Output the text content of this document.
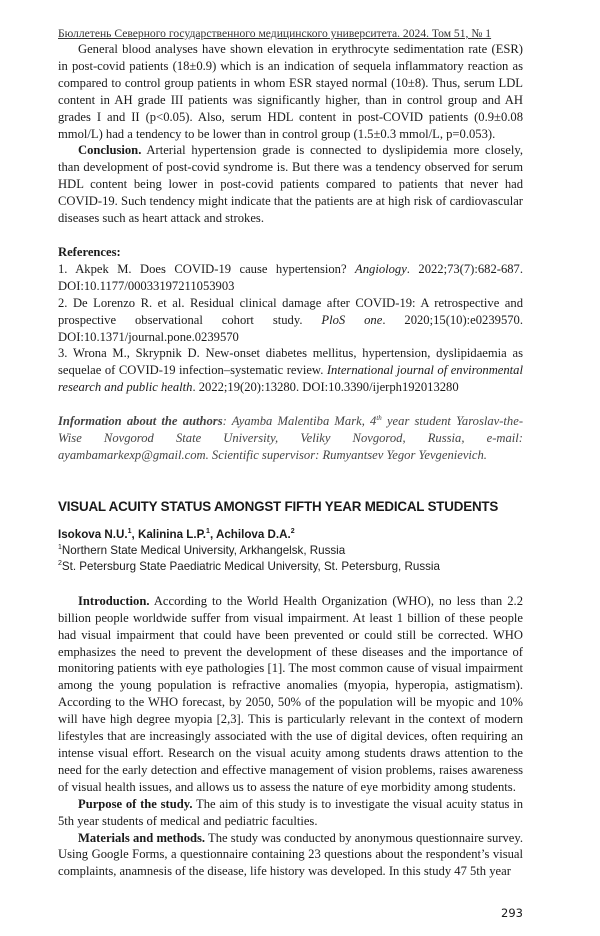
Бюллетень Северного государственного медицинского университета. 2024. Том 51, № 1

General blood analyses have shown elevation in erythrocyte sedimentation rate (ESR) in post-covid patients (18±0.9) which is an indication of sequela inflammatory reaction as compared to control group patients in whom ESR stayed normal (10±8). Thus, serum LDL content in AH grade III patients was significantly higher, than in control group and AH grades I and II (p<0.05). Also, serum HDL content in post-COVID patients (0.9±0.08 mmol/L) had a tendency to be lower than in control group (1.5±0.3 mmol/L, p=0.053).

Conclusion. Arterial hypertension grade is connected to dyslipidemia more closely, than development of post-covid syndrome is. But there was a tendency observed for serum HDL content being lower in post-covid patients compared to patients that never had COVID-19. Such tendency might indicate that the patients are at high risk of cardiovascular diseases such as heart attack and strokes.

References:

1. Akpek M. Does COVID-19 cause hypertension? Angiology. 2022;73(7):682-687. DOI:10.1177/00033197211053903

2. De Lorenzo R. et al. Residual clinical damage after COVID-19: A retrospective and prospective observational cohort study. PloS one. 2020;15(10):e0239570. DOI:10.1371/journal.pone.0239570

3. Wrona M., Skrypnik D. New-onset diabetes mellitus, hypertension, dyslipidaemia as sequelae of COVID-19 infection–systematic review. International journal of environmental research and public health. 2022;19(20):13280. DOI:10.3390/ijerph192013280

Information about the authors: Ayamba Malentiba Mark, 4th year student Yaroslav-the-Wise Novgorod State University, Veliky Novgorod, Russia, e-mail: ayambamarkexp@gmail.com. Scientific supervisor: Rumyantsev Yegor Yevgenievich.

VISUAL ACUITY STATUS AMONGST FIFTH YEAR MEDICAL STUDENTS
Isokova N.U.1, Kalinina L.P.1, Achilova D.A.2
1Northern State Medical University, Arkhangelsk, Russia
2St. Petersburg State Paediatric Medical University, St. Petersburg, Russia

Introduction. According to the World Health Organization (WHO), no less than 2.2 billion people worldwide suffer from visual impairment. At least 1 billion of these people had visual impairment that could have been prevented or could still be corrected. WHO emphasizes the need to prevent the development of these diseases and the importance of monitoring patients with eye pathologies [1]. The most common cause of visual impairment among the young population is refractive anomalies (myopia, hyperopia, astigmatism). According to the WHO forecast, by 2050, 50% of the population will be myopic and 10% will have high degree myopia [2,3]. This is particularly relevant in the context of modern lifestyles that are increasingly associated with the use of digital devices, often requiring an intense visual effort. Research on the visual acuity among students draws attention to the need for the early detection and effective management of vision problems, raises awareness of visual health issues, and allows us to assess the nature of eye morbidity among students.

Purpose of the study. The aim of this study is to investigate the visual acuity status in 5th year students of medical and pediatric faculties.

Materials and methods. The study was conducted by anonymous questionnaire survey. Using Google Forms, a questionnaire containing 23 questions about the respondent’s visual complaints, anamnesis of the disease, life history was developed. In this study 47 5th year

293
